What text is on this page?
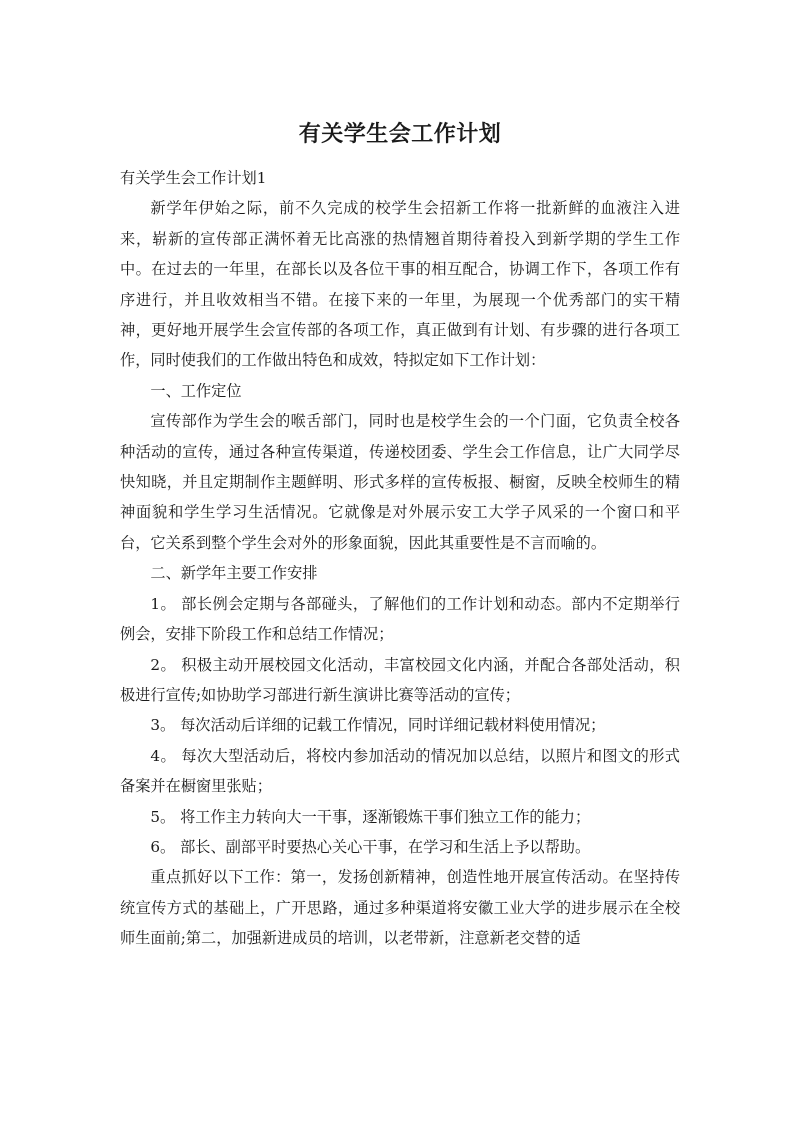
有关学生会工作计划

有关学生会工作计划1

新学年伊始之际，前不久完成的校学生会招新工作将一批新鲜的血液注入进来，崭新的宣传部正满怀着无比高涨的热情翘首期待着投入到新学期的学生工作中。在过去的一年里，在部长以及各位干事的相互配合，协调工作下，各项工作有序进行，并且收效相当不错。在接下来的一年里，为展现一个优秀部门的实干精神，更好地开展学生会宣传部的各项工作，真正做到有计划、有步骤的进行各项工作，同时使我们的工作做出特色和成效，特拟定如下工作计划：

一、工作定位

宣传部作为学生会的喉舌部门，同时也是校学生会的一个门面，它负责全校各种活动的宣传，通过各种宣传渠道，传递校团委、学生会工作信息，让广大同学尽快知晓，并且定期制作主题鲜明、形式多样的宣传板报、橱窗，反映全校师生的精神面貌和学生学习生活情况。它就像是对外展示安工大学子风采的一个窗口和平台，它关系到整个学生会对外的形象面貌，因此其重要性是不言而喻的。

二、新学年主要工作安排

1。 部长例会定期与各部碰头，了解他们的工作计划和动态。部内不定期举行例会，安排下阶段工作和总结工作情况；

2。 积极主动开展校园文化活动，丰富校园文化内涵，并配合各部处活动，积极进行宣传;如协助学习部进行新生演讲比赛等活动的宣传；

3。 每次活动后详细的记载工作情况，同时详细记载材料使用情况；

4。 每次大型活动后，将校内参加活动的情况加以总结，以照片和图文的形式备案并在橱窗里张贴；

5。 将工作主力转向大一干事，逐渐锻炼干事们独立工作的能力；

6。 部长、副部平时要热心关心干事，在学习和生活上予以帮助。

重点抓好以下工作：第一，发扬创新精神，创造性地开展宣传活动。在坚持传统宣传方式的基础上，广开思路，通过多种渠道将安徽工业大学的进步展示在全校师生面前;第二，加强新进成员的培训，以老带新，注意新老交替的适
